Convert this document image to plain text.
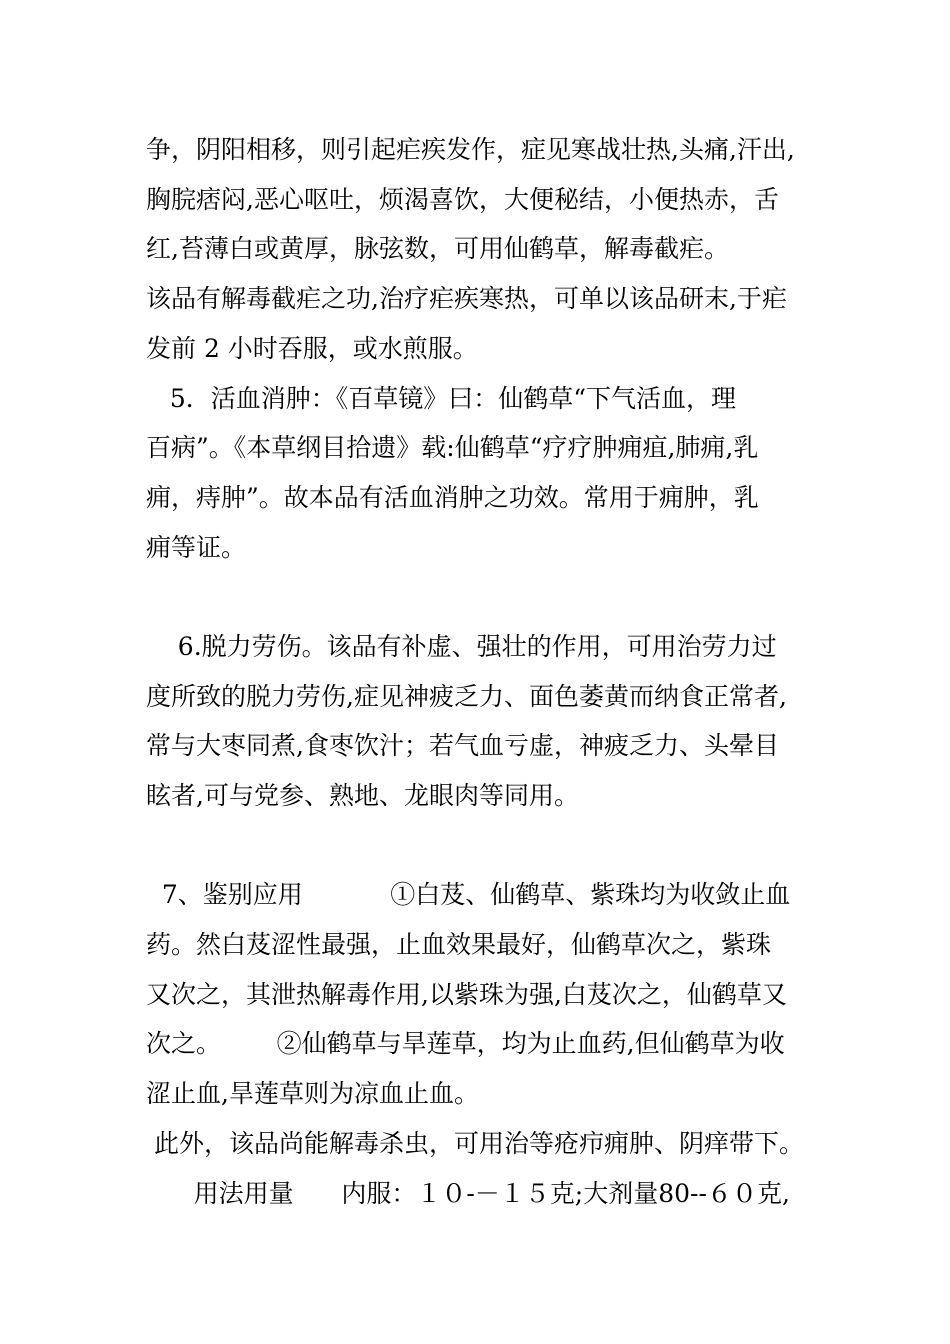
争，阴阳相移，则引起疟疾发作，症见寒战壮热,头痛,汗出,
胸脘痞闷,恶心呕吐，烦渴喜饮，大便秘结，小便热赤，舌
红,苔薄白或黄厚，脉弦数，可用仙鹤草，解毒截疟。
该品有解毒截疟之功,治疗疟疾寒热，可单以该品研末,于疟
发前 2 小时吞服，或水煎服。
5．活血消肿：《百草镜》曰：仙鹤草“下气活血，理
百病”。《本草纲目拾遗》载:仙鹤草“疗疗肿痈疽,肺痈,乳
痈，痔肿”。故本品有活血消肿之功效。常用于痈肿，乳
痈等证。
6.脱力劳伤。该品有补虚、强壮的作用，可用治劳力过
度所致的脱力劳伤,症见神疲乏力、面色萎黄而纳食正常者,
常与大枣同煮,食枣饮汁；若气血亏虚，神疲乏力、头晕目
眩者,可与党参、熟地、龙眼肉等同用。
7、鉴别应用           ①白芨、仙鹤草、紫珠均为收敛止血
药。然白芨涩性最强，止血效果最好，仙鹤草次之，紫珠
又次之，其泄热解毒作用,以紫珠为强,白芨次之，仙鹤草又
次之。       ②仙鹤草与旱莲草，均为止血药,但仙鹤草为收
涩止血,旱莲草则为凉血止血。
此外，该品尚能解毒杀虫，可用治等疮疖痈肿、阴痒带下。
用法用量      内服：１０-－１５克;大剂量80--６０克,
